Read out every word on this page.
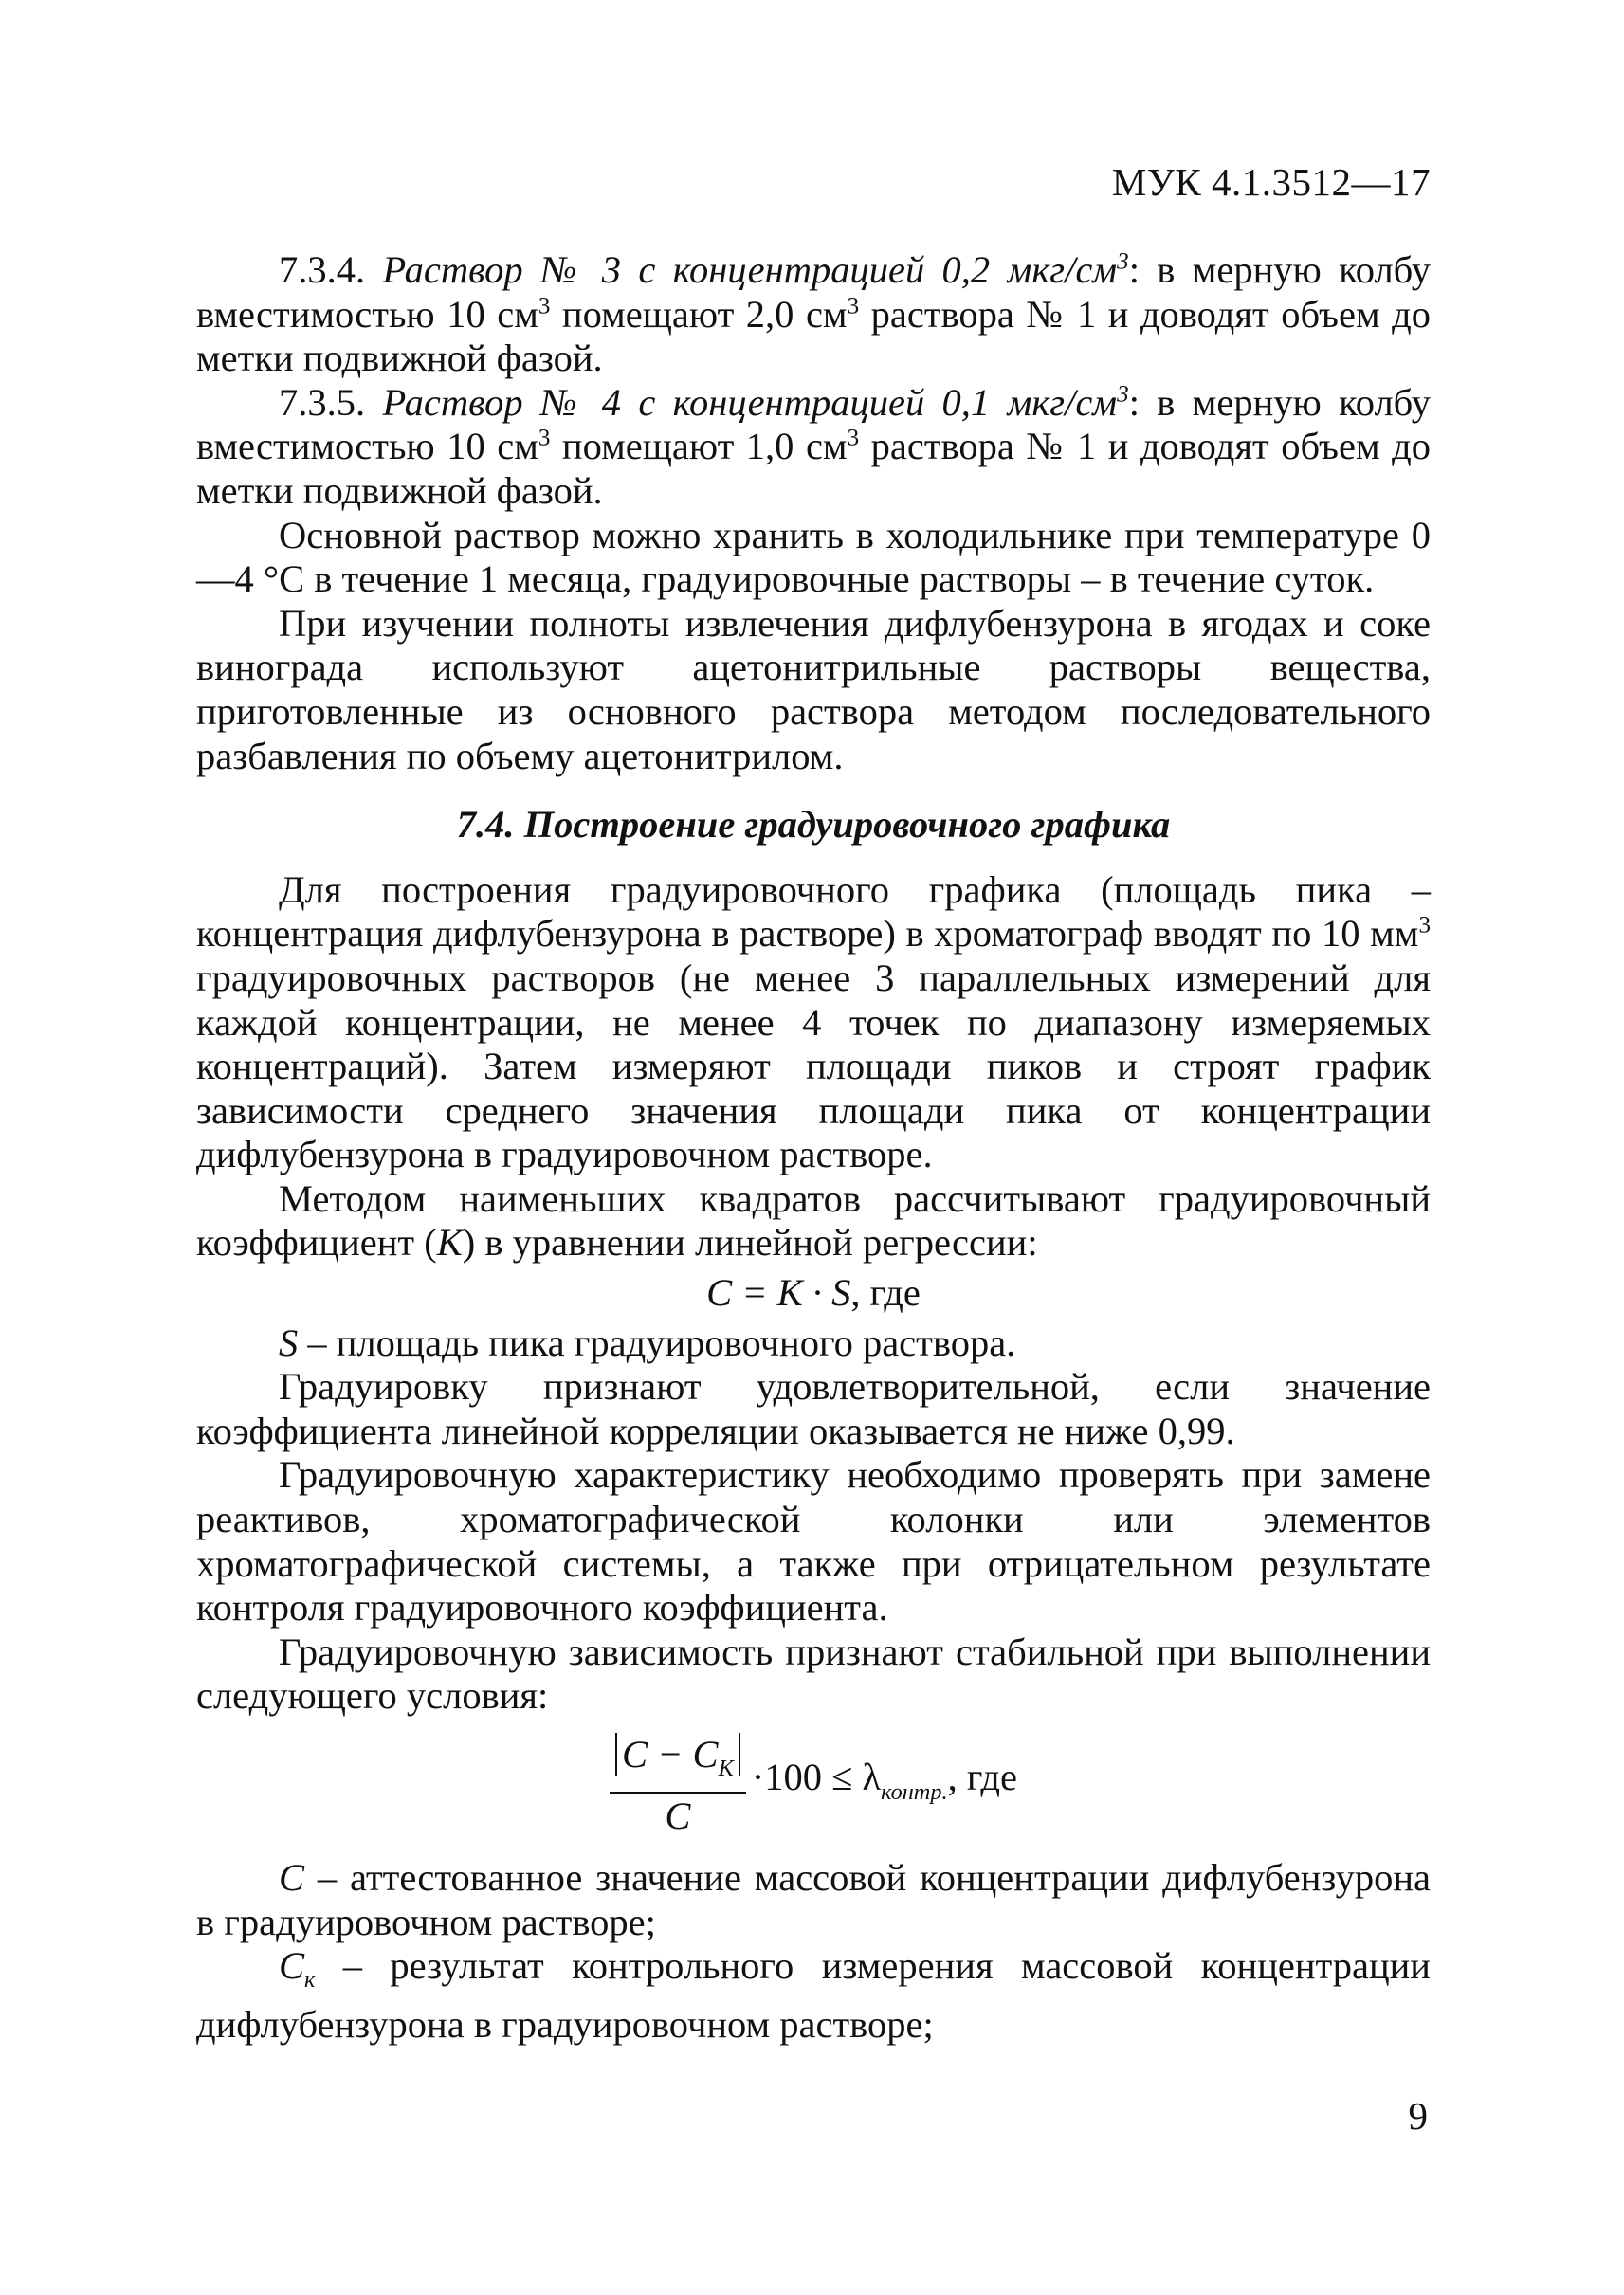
МУК 4.1.3512—17

7.3.4. Раствор № 3 с концентрацией 0,2 мкг/$см^3$: в мерную колбу вместимостью 10 $см^3$ помещают 2,0 $см^3$ раствора № 1 и доводят объем до метки подвижной фазой.

7.3.5. Раствор № 4 с концентрацией 0,1 мкг/$см^3$: в мерную колбу вместимостью 10 $см^3$ помещают 1,0 $см^3$ раствора № 1 и доводят объем до метки подвижной фазой.

Основной раствор можно хранить в холодильнике при температуре 0—4 °С в течение 1 месяца, градуировочные растворы – в течение суток.

При изучении полноты извлечения дифлубензурона в ягодах и соке винограда используют ацетонитрильные растворы вещества, приготовленные из основного раствора методом последовательного разбавления по объему ацетонитрилом.

7.4. Построение градуировочного графика

Для построения градуировочного графика (площадь пика – концентрация дифлубензурона в растворе) в хроматограф вводят по 10 $мм^3$ градуировочных растворов (не менее 3 параллельных измерений для каждой концентрации, не менее 4 точек по диапазону измеряемых концентраций). Затем измеряют площади пиков и строят график зависимости среднего значения площади пика от концентрации дифлубензурона в градуировочном растворе.

Методом наименьших квадратов рассчитывают градуировочный коэффициент (K) в уравнении линейной регрессии:

C = K · S, где

S – площадь пика градуировочного раствора.

Градуировку признают удовлетворительной, если значение коэффициента линейной корреляции оказывается не ниже 0,99.

Градуировочную характеристику необходимо проверять при замене реактивов, хроматографической колонки или элементов хроматографической системы, а также при отрицательном результате контроля градуировочного коэффициента.

Градуировочную зависимость признают стабильной при выполнении следующего условия:

$\frac{C - C_K}{C} \cdot 100 \le \lambda_{контр.}$, где

C – аттестованное значение массовой концентрации дифлубензурона в градуировочном растворе;

$C_к$ – результат контрольного измерения массовой концентрации дифлубензурона в градуировочном растворе;

9
